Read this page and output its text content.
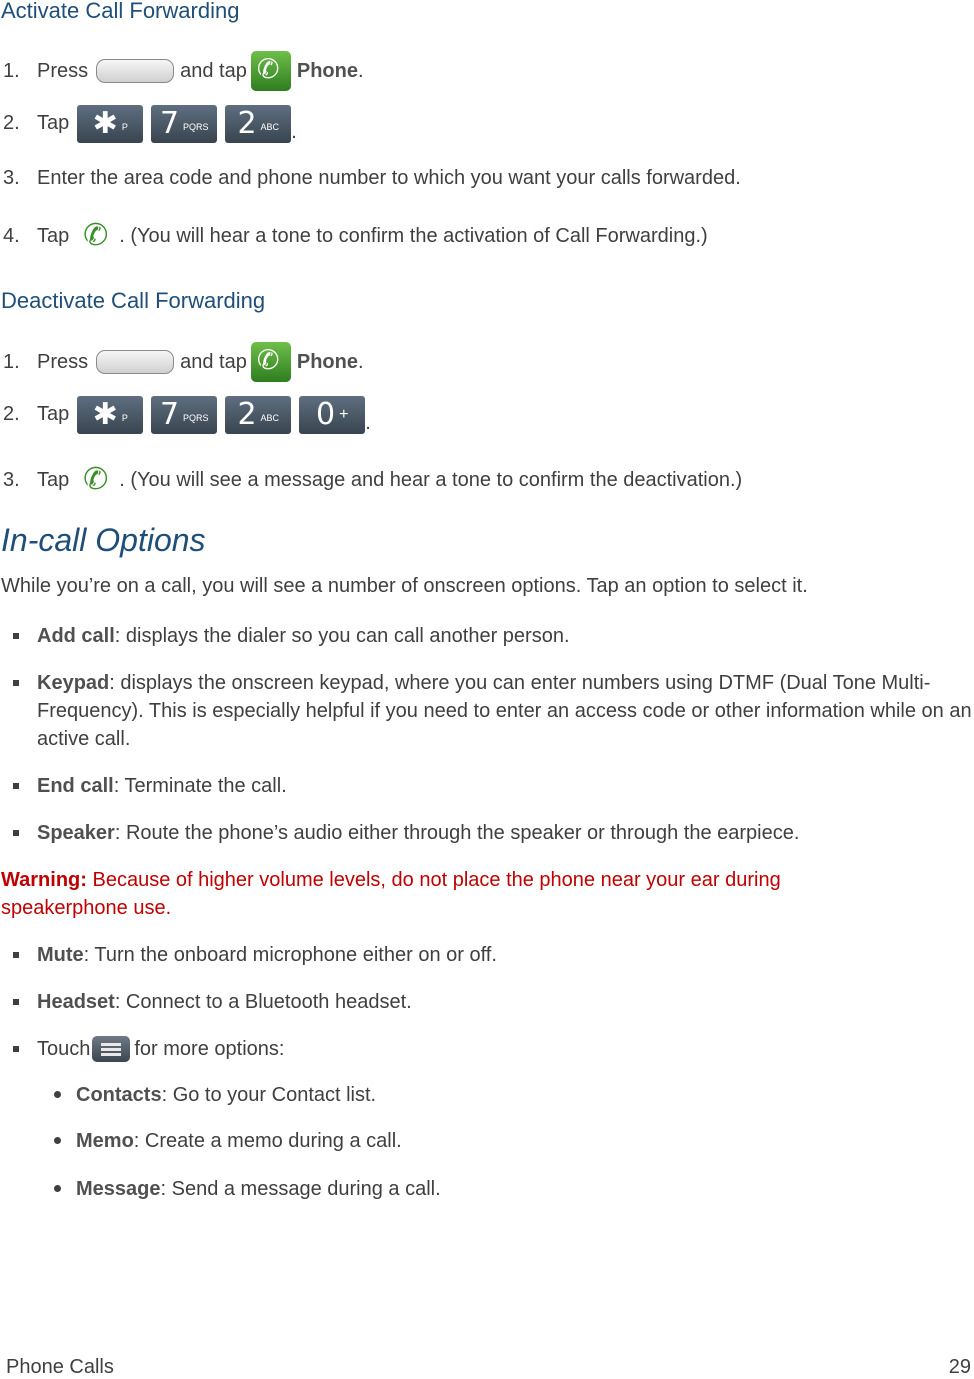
Activate Call Forwarding
1. Press	and tap ✆ Phone .
2. Tap ✱ P 7 PQRS 2 ABC .
3. Enter the area code and phone number to which you want your calls forwarded.
4. Tap ✆ . (You will hear a tone to confirm the activation of Call Forwarding.)
Deactivate Call Forwarding
1. Press	and tap ✆ Phone .
2. Tap ✱ P 7 PQRS 2 ABC 0 + .
3. Tap ✆ . (You will see a message and hear a tone to confirm the deactivation.)
In-call Options

While you’re on a call, you will see a number of onscreen options. Tap an option to select it.

Add call: displays the dialer so you can call another person.
Keypad: displays the onscreen keypad, where you can enter numbers using DTMF (Dual Tone Multi-Frequency). This is especially helpful if you need to enter an access code or other information while on an active call.
End call: Terminate the call.
Speaker: Route the phone’s audio either through the speaker or through the earpiece.
Warning: Because of higher volume levels, do not place the phone near your ear during speakerphone use.
Mute: Turn the onboard microphone either on or off.
Headset: Connect to a Bluetooth headset.
Touch for more options:
Contacts: Go to your Contact list.
Memo: Create a memo during a call.
Message: Send a message during a call.
Phone Calls	29
